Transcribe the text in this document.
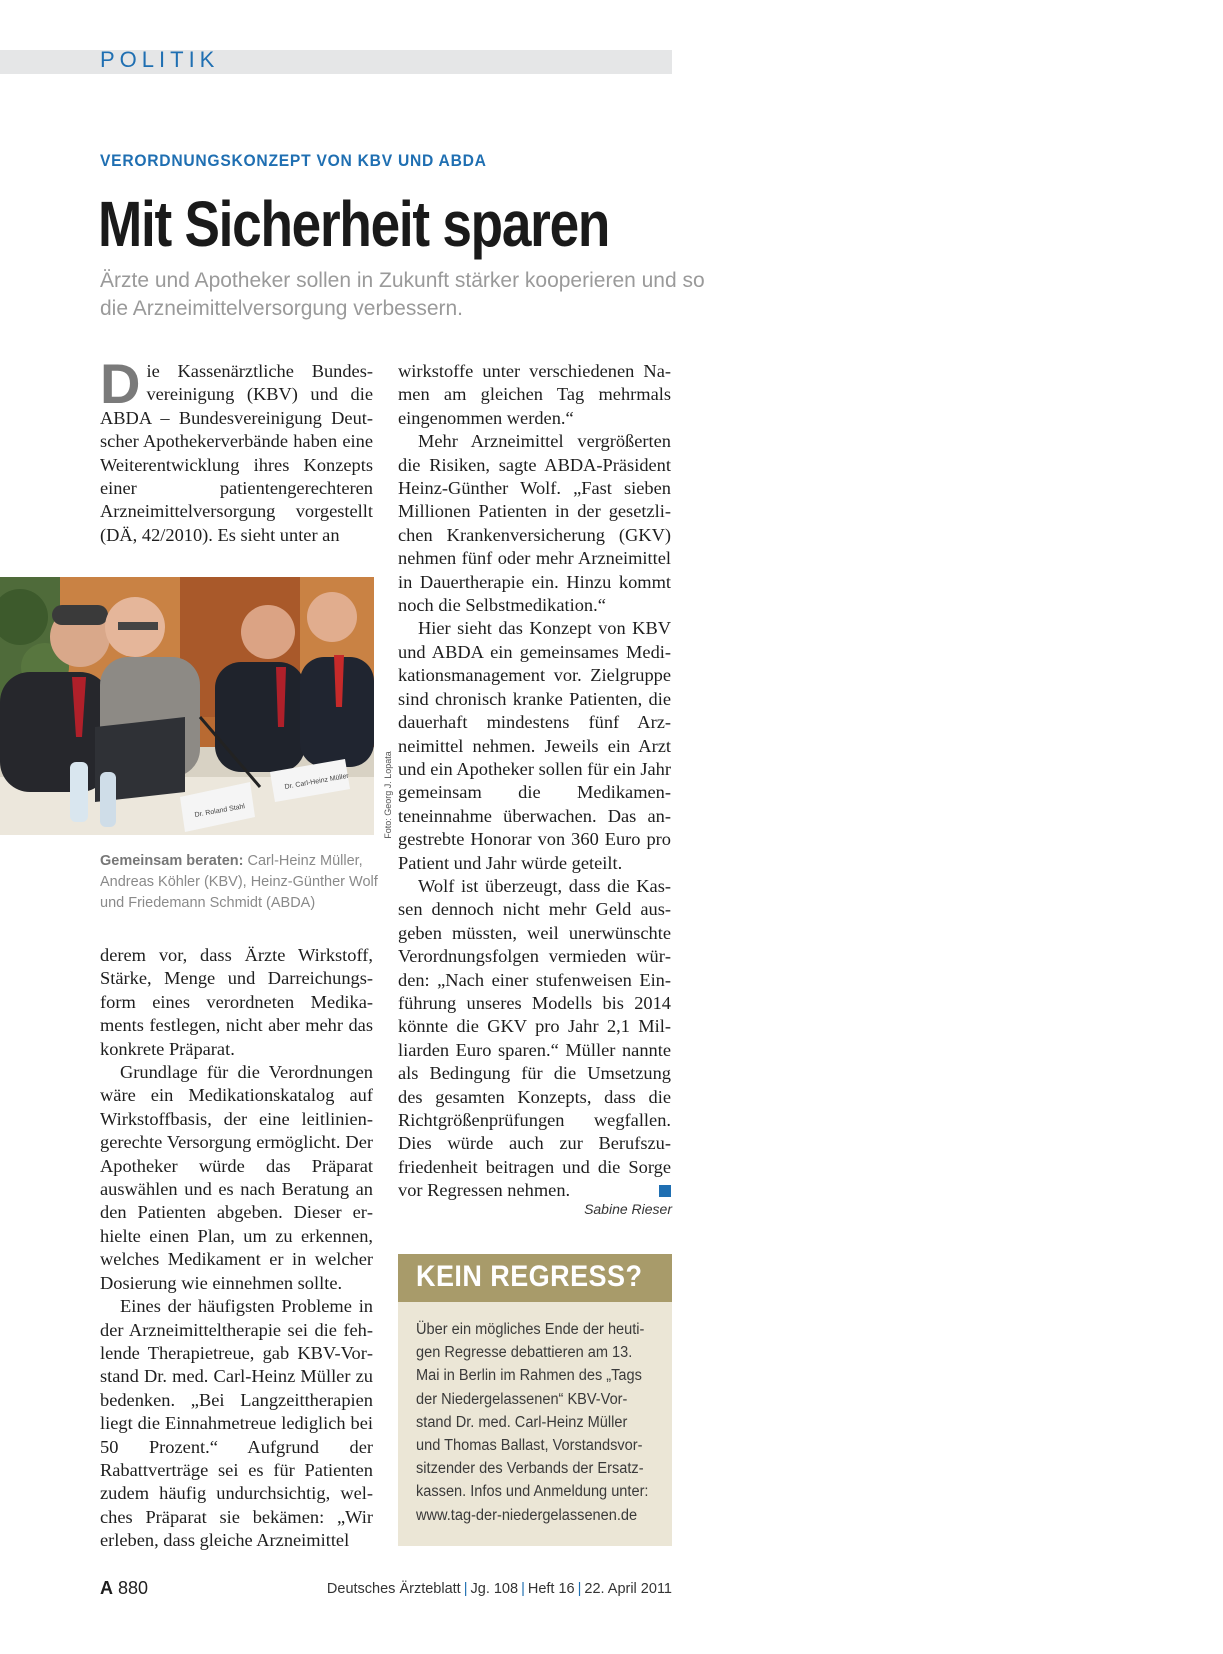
POLITIK
VERORDNUNGSKONZEPT VON KBV UND ABDA
Mit Sicherheit sparen
Ärzte und Apotheker sollen in Zukunft stärker kooperieren und so die Arzneimittelversorgung verbessern.

Die Kassenärztliche Bundesvereinigung (KBV) und die ABDA – Bundesvereinigung Deutscher Apothekerverbände haben eine Weiterentwicklung ihres Konzepts einer patientengerechteren Arzneimittelversorgung vorgestellt (DÄ, 42/2010). Es sieht unter an

Dr. Roland Stahl
Dr. Carl-Heinz Müller	Foto: Georg J. Lopata
Gemeinsam beraten: Carl-Heinz Müller, Andreas Köhler (KBV), Heinz-Günther Wolf und Friedemann Schmidt (ABDA)

derem vor, dass Ärzte Wirkstoff, Stärke, Menge und Darreichungsform eines verordneten Medikaments festlegen, nicht aber mehr das konkrete Präparat.

Grundlage für die Verordnungen wäre ein Medikationskatalog auf Wirkstoffbasis, der eine leitliniengerechte Versorgung ermöglicht. Der Apotheker würde das Präparat auswählen und es nach Beratung an den Patienten abgeben. Dieser erhielte einen Plan, um zu erkennen, welches Medikament er in welcher Dosierung wie einnehmen sollte.

Eines der häufigsten Probleme in der Arzneimitteltherapie sei die fehlende Therapietreue, gab KBV-Vorstand Dr. med. Carl-Heinz Müller zu bedenken. „Bei Langzeittherapien liegt die Einnahmetreue lediglich bei 50 Prozent.“ Aufgrund der Rabattverträge sei es für Patienten zudem häufig undurchsichtig, welches Präparat sie bekämen: „Wir erleben, dass gleiche Arzneimittel

wirkstoffe unter verschiedenen Namen am gleichen Tag mehrmals eingenommen werden.“

Mehr Arzneimittel vergrößerten die Risiken, sagte ABDA-Präsident Heinz-Günther Wolf. „Fast sieben Millionen Patienten in der gesetzlichen Krankenversicherung (GKV) nehmen fünf oder mehr Arzneimittel in Dauertherapie ein. Hinzu kommt noch die Selbstmedikation.“

Hier sieht das Konzept von KBV und ABDA ein gemeinsames Medikationsmanagement vor. Zielgruppe sind chronisch kranke Patienten, die dauerhaft mindestens fünf Arzneimittel nehmen. Jeweils ein Arzt und ein Apotheker sollen für ein Jahr gemeinsam die Medikamenteneinnahme überwachen. Das angestrebte Honorar von 360 Euro pro Patient und Jahr würde geteilt.

Wolf ist überzeugt, dass die Kassen dennoch nicht mehr Geld ausgeben müssten, weil unerwünschte Verordnungsfolgen vermieden würden: „Nach einer stufenweisen Einführung unseres Modells bis 2014 könnte die GKV pro Jahr 2,1 Milliarden Euro sparen.“ Müller nannte als Bedingung für die Umsetzung des gesamten Konzepts, dass die Richtgrößenprüfungen wegfallen. Dies würde auch zur Berufszufriedenheit beitragen und die Sorge vor Regressen nehmen.

Sabine Rieser
KEIN REGRESS?
Über ein mögliches Ende der heutigen Regresse debattieren am 13. Mai in Berlin im Rahmen des „Tags der Niedergelassenen“ KBV-Vorstand Dr. med. Carl-Heinz Müller und Thomas Ballast, Vorstandsvorsitzender des Verbands der Ersatzkassen. Infos und Anmeldung unter: www.tag-der-niedergelassenen.de
A 880	Deutsches Ärzteblatt | Jg. 108 | Heft 16 | 22. April 2011
